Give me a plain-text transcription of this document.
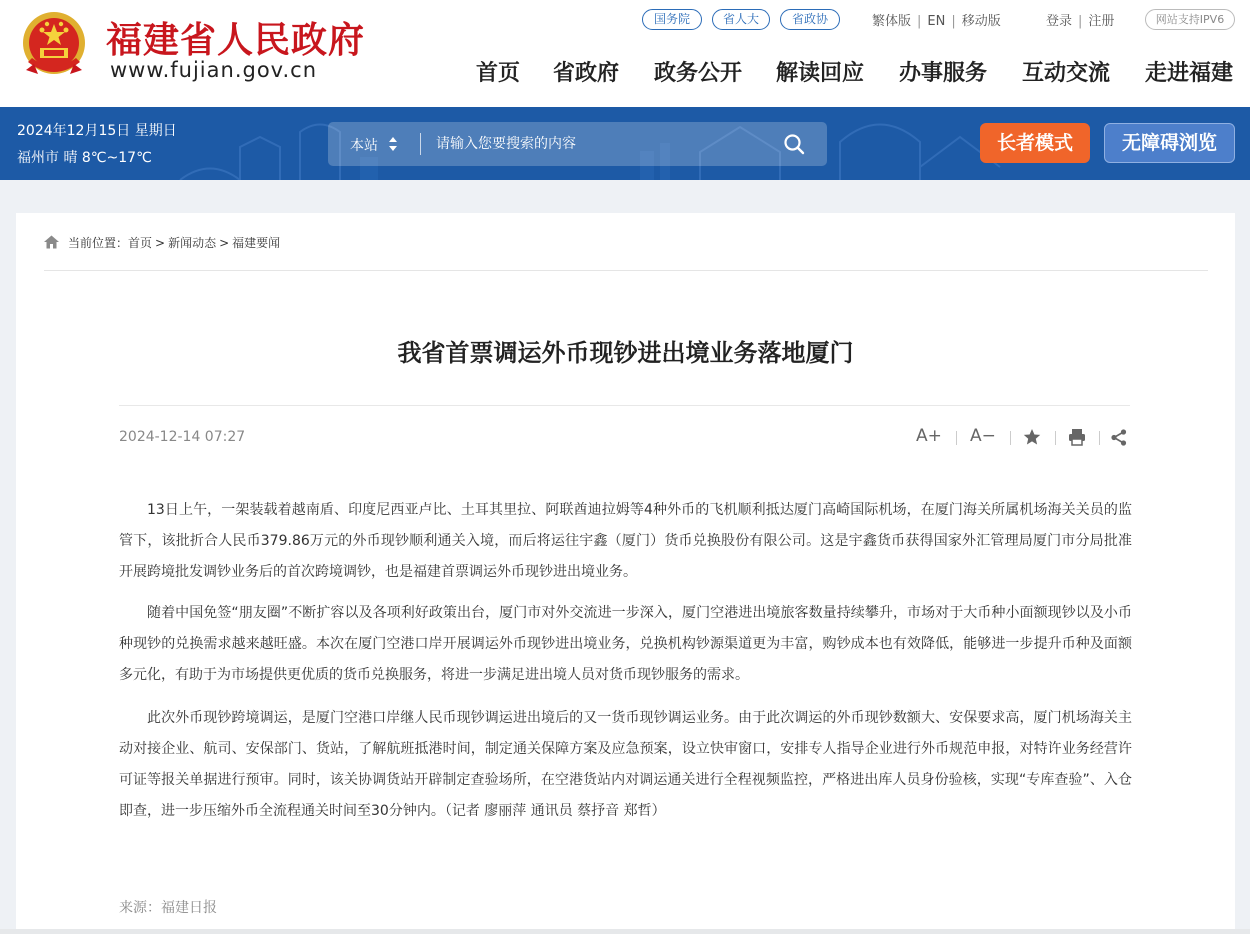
福建省人民政府
www.fujian.gov.cn
国务院	省人大	省政协	繁体版 | EN | 移动版	登录 | 注册	网站支持IPV6
首页 省政府 政务公开 解读回应 办事服务 互动交流 走进福建
2024年12月15日 星期日
福州市 晴 8℃~17℃
本站
请输入您要搜索的内容	长者模式	无障碍浏览
当前位置：首页 > 新闻动态 > 福建要闻
我省首票调运外币现钞进出境业务落地厦门
2024-12-14 07:27	A+ A−

13日上午，一架装载着越南盾、印度尼西亚卢比、土耳其里拉、阿联酋迪拉姆等4种外币的飞机顺利抵达厦门高崎国际机场，在厦门海关所属机场海关关员的监管下，该批折合人民币379.86万元的外币现钞顺利通关入境，而后将运往宇鑫（厦门）货币兑换股份有限公司。这是宇鑫货币获得国家外汇管理局厦门市分局批准开展跨境批发调钞业务后的首次跨境调钞，也是福建首票调运外币现钞进出境业务。

随着中国免签“朋友圈”不断扩容以及各项利好政策出台，厦门市对外交流进一步深入，厦门空港进出境旅客数量持续攀升，市场对于大币种小面额现钞以及小币种现钞的兑换需求越来越旺盛。本次在厦门空港口岸开展调运外币现钞进出境业务，兑换机构钞源渠道更为丰富，购钞成本也有效降低，能够进一步提升币种及面额多元化，有助于为市场提供更优质的货币兑换服务，将进一步满足进出境人员对货币现钞服务的需求。

此次外币现钞跨境调运，是厦门空港口岸继人民币现钞调运进出境后的又一货币现钞调运业务。由于此次调运的外币现钞数额大、安保要求高，厦门机场海关主动对接企业、航司、安保部门、货站，了解航班抵港时间，制定通关保障方案及应急预案，设立快审窗口，安排专人指导企业进行外币规范申报，对特许业务经营许可证等报关单据进行预审。同时，该关协调货站开辟制定查验场所，在空港货站内对调运通关进行全程视频监控，严格进出库人员身份验核，实现“专库查验”、入仓即查，进一步压缩外币全流程通关时间至30分钟内。（记者 廖丽萍 通讯员 蔡抒音 郑哲）

来源：福建日报
